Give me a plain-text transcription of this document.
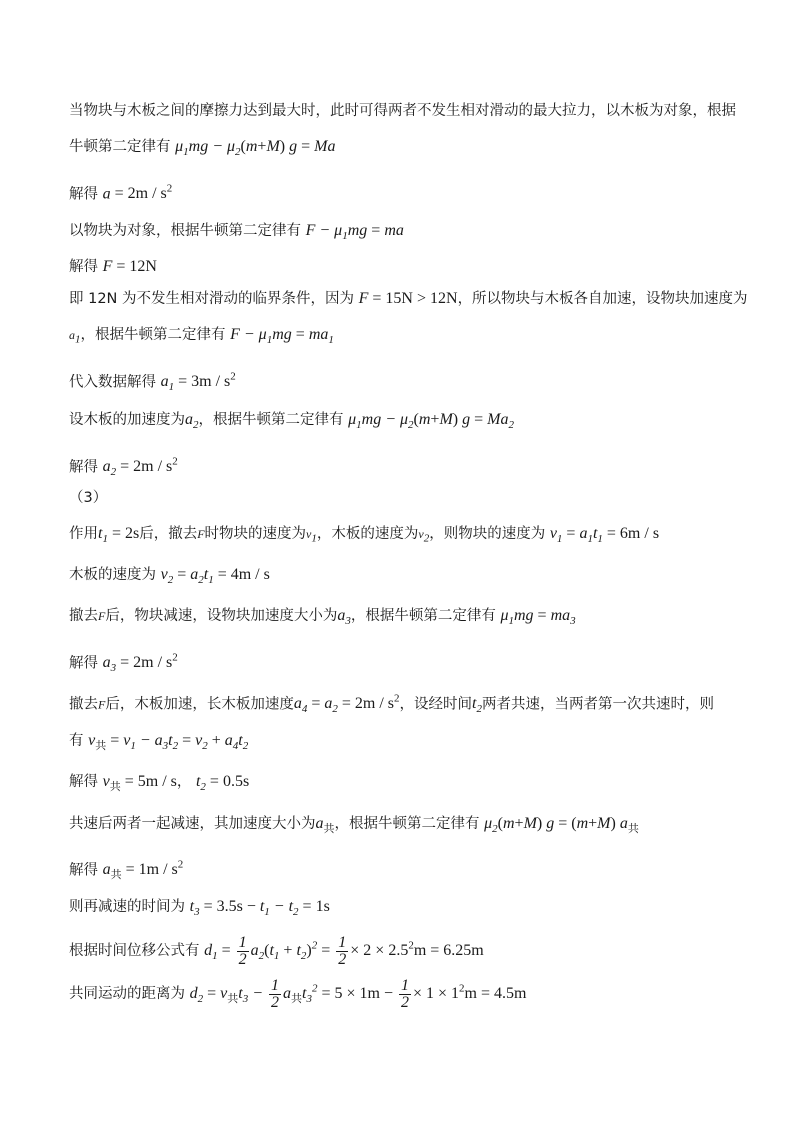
当物块与木板之间的摩擦力达到最大时，此时可得两者不发生相对滑动的最大拉力，以木板为对象，根据
牛顿第二定律有 $\mu_1mg - \mu_2(m+M) g = Ma$
解得 $a = 2m / s^2$
以物块为对象，根据牛顿第二定律有 $F - \mu_1mg$ = ma
解得 F = 12N
即 12N 为不发生相对滑动的临界条件，因为 F = 15N > 12N，所以物块与木板各自加速，设物块加速度为
$a_1$，根据牛顿第二定律有 $F - \mu_1mg = ma_1$
代入数据解得 $a_1 = 3m / s^2$
设木板的加速度为$a_2$，根据牛顿第二定律有 $\mu_1mg - \mu_2(m+M) g = Ma_2$
解得 $a_2 = 2m / s^2$
（3）
作用$t_1 = 2s$后，撤去F时物块的速度为$v_1$，木板的速度为$v_2$，则物块的速度为 $v_1 = a_1t_1 = 6m / s$
木板的速度为 $v_2 = a_2t_1 = 4m / s$
撤去F后，物块减速，设物块加速度大小为$a_3$，根据牛顿第二定律有 $\mu_1mg = ma_3$
解得 $a_3 = 2m / s^2$
撤去F后，木板加速，长木板加速度$a_4 = a_2 = 2m / s^2$，设经时间$t_2$两者共速，当两者第一次共速时，则
有 $v_共 = v_1 - a_3t_2 = v_2 + a_4t_2$
解得 $v_共 = 5m / s$， $t_2 = 0.5s$
共速后两者一起减速，其加速度大小为$a_共$，根据牛顿第二定律有 $\mu_2(m+M) g = (m+M)$ $a_共$
解得 $a_共 = 1m / s^2$
则再减速的时间为 $t_3 = 3.5s - t_1 - t_2 = 1s$
根据时间位移公式有 $d_1 = \frac{1}{2} a_2(t_1 + t_2)^2 = \frac{1}{2} \times 2 \times 2.5^2m = 6.25m$
共同运动的距离为 $d_2 = v_共t_3 - \frac{1}{2} a_共t_3^2 = 5 \times 1m - \frac{1}{2} \times 1 \times 1^2m = 4.5m$
